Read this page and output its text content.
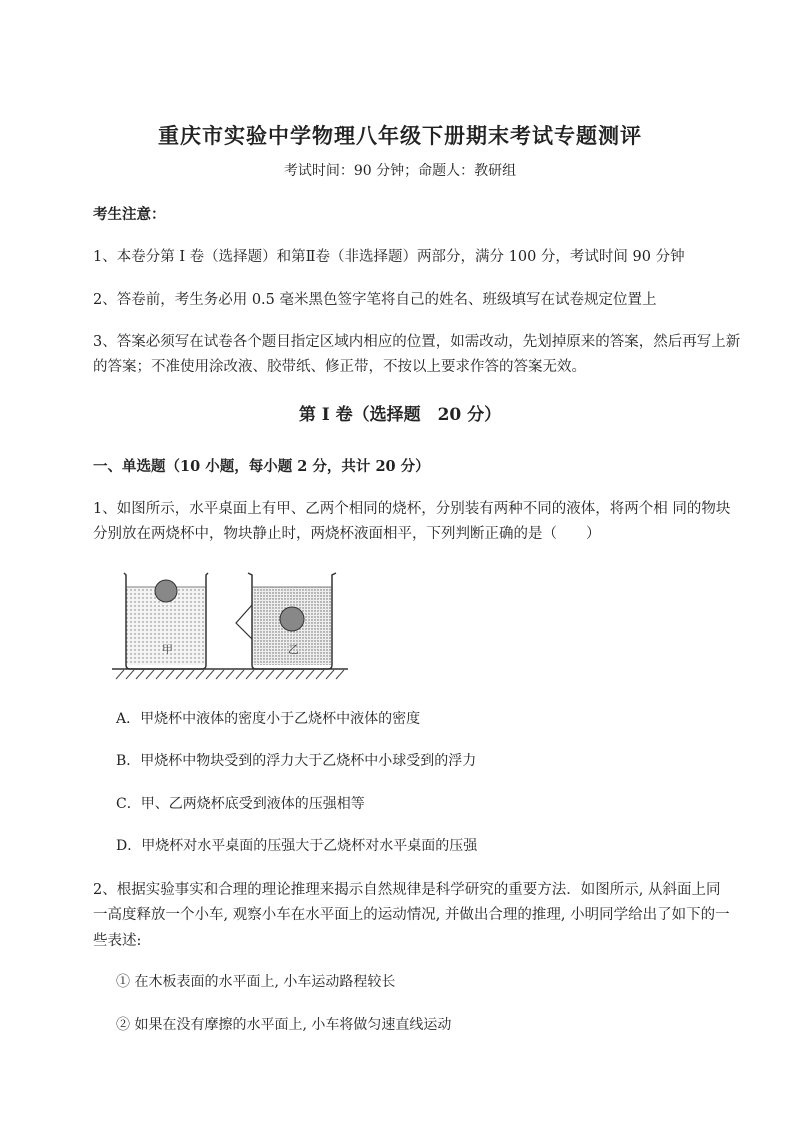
重庆市实验中学物理八年级下册期末考试专题测评
考试时间：90 分钟；命题人：教研组
考生注意：
1、本卷分第 I 卷（选择题）和第Ⅱ卷（非选择题）两部分，满分 100 分，考试时间 90 分钟
2、答卷前，考生务必用 0.5 毫米黑色签字笔将自己的姓名、班级填写在试卷规定位置上
3、答案必须写在试卷各个题目指定区域内相应的位置，如需改动，先划掉原来的答案，然后再写上新
的答案；不准使用涂改液、胶带纸、修正带，不按以上要求作答的答案无效。
第 I 卷（选择题　20 分）
一、单选题（10 小题，每小题 2 分，共计 20 分）
1、如图所示，水平桌面上有甲、乙两个相同的烧杯，分别装有两种不同的液体，将两个相 同的物块
分别放在两烧杯中，物块静止时，两烧杯液面相平，下列判断正确的是（　　）
甲	乙
A．甲烧杯中液体的密度小于乙烧杯中液体的密度
B．甲烧杯中物块受到的浮力大于乙烧杯中小球受到的浮力
C．甲、乙两烧杯底受到液体的压强相等
D．甲烧杯对水平桌面的压强大于乙烧杯对水平桌面的压强
2、根据实验事实和合理的理论推理来揭示自然规律是科学研究的重要方法．如图所示, 从斜面上同
一高度释放一个小车, 观察小车在水平面上的运动情况, 并做出合理的推理, 小明同学给出了如下的一
些表述:
① 在木板表面的水平面上, 小车运动路程较长
② 如果在没有摩擦的水平面上, 小车将做匀速直线运动
